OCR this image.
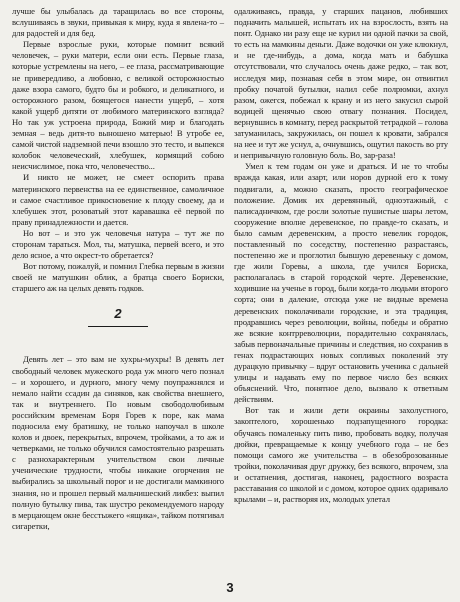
лучше бы улыбалась да таращилась во все стороны, вслушиваясь в звуки, привыкая к миру, куда я явлена-то – для радостей и для бед.

Первые взрослые руки, которые помнит всякий человечек, – руки матери, если они есть. Первые глаза, которые устремлены на него, – ее глаза, рассматривающие не привередливо, а любовно, с великой осторожностью даже взора самого, будто бы и робкого, и деликатного, и осторожного разом, боящегося нанести ущерб, – хотя какой ущерб дитяти от любимого материнского взгляда? Но так уж устроена природа, Божий мир и благодать земная – ведь дитя-то выношено матерью! В утробе ее, самой чистой надземной печи взошло это тесто, и выпекся колобок человеческий, хлебушек, кормящий собою неисчислимое, пока что, человечество...

И никто не может, не смеет оспорить права материнского первенства на ее единственное, самоличное и самое счастливое прикосновение к плоду своему, да и хлебушек этот, розоватый этот каравашка её первой по праву принадлежности и дается.

Но вот – и это уж человечья натура – тут же по сторонам тараться. Мол, ты, матушка, первей всего, и это дело ясное, а что окрест-то обретается?

Вот потому, пожалуй, и помнил Глебка первым в жизни своей не матушкин облик, а братца своего Бориски, старшего аж на целых девять годков.

2

Девять лет – это вам не хухры-мухры! В девять лет свободный человек мужеского рода уж много чего познал – и хорошего, и дурного, многу чему поупражнялся и немало найти ссадин да синяков, как свойства внешнего, так и внутреннего. По новым свободолюбивым российским временам Боря Горев к поре, как мама подносила ему братишку, не только напоучал в школе колов и двоек, перекрытых, впрочем, тройками, а то аж и четверками, не только обучился самостоятельно разрешать с разнохарактерным учительством свои личные ученические трудности, чтобы никакие огорчения не выбирались за школьный порог и не достигали мамкиного знания, но и прошел первый мальчишеский ликбез: выпил полную бутылку пива, так шустро рекомендуемого народу в мерцающем окне бесстыжего «ящика», тайком потягивал сигаретки,

одалживаясь, правда, у старших пацанов, любивших подначить малышей, испытать их на взрослость, взять на понт. Однако ни разу еще не курил ни одной пачки за свой, то есть на мамкины деньги. Даже водочки он уже клюкнул, и не где-нибудь, а дома, когда мать и бабушка отсутствовали, что случалось очень даже редко, – так вот, исследуя мир, познавая себя в этом мире, он отвинтил пробку початой бутылки, налил себе полрюмки, ахнул разом, ожегся, побежал к крану и из него закусил сырой водицей щенячью свою отвагу познания. Посидел, вернувшись в комнату, перед раскрытой тетрадкой – голова затуманилась, закружилась, он пошел к кровати, забрался на нее и тут же уснул, а, очнувшись, ощутил пакость во рту и непривычную головную боль. Во, зар-раза!

Умел к тем годам он уже и драться. И не то чтобы вражда какая, или азарт, или норов дурной его к тому подвигали, а, можно сказать, просто географическое положение. Домик их деревянный, одноэтажный, с палисадничком, где росли золотые пушистые шары летом, сооружение вполне деревенское, по правде-то сказать, и было самым деревенским, а просто невелик городок, поставленный по соседству, постепенно разрастаясь, постепенно же и проглотил бывшую деревеньку с домом, где жили Горевы, а школа, где учился Бориска, располагалась в старой городской черте. Деревенские, ходившие на ученье в город, были когда-то людьми второго сорта; они в далекие, отсюда уже не видные времена деревенских поколачивали городские, и эта традиция, продравшись через революции, войны, победы и обратно же всякие контрреволюции, порадительно сохранялась, забыв первоначальные причины и следствия, но сохранив в генах подрастающих новых сопливых поколений эту дурацкую привычку – вдруг остановить ученика с дальней улицы и надавать ему по первое число без всяких объяснений. Что, понятное дело, вызвало к ответным действиям.

Вот так и жили дети окраины захолустного, закоптелого, хорошенько подзапущенного городка: обучаясь помаленьку пить пиво, пробовать водку, получая дюйки, превращаемые к концу учебного года – не без помощи самого же учительства – в обезоброзованные тройки, поколачивая друг дружку, без всякого, впрочем, зла и остатнения, достигая, наконец, радостного возраста расставания со школой и с домом, которое одних одаривало крылами – и, растворяя их, молодых улетал

3
